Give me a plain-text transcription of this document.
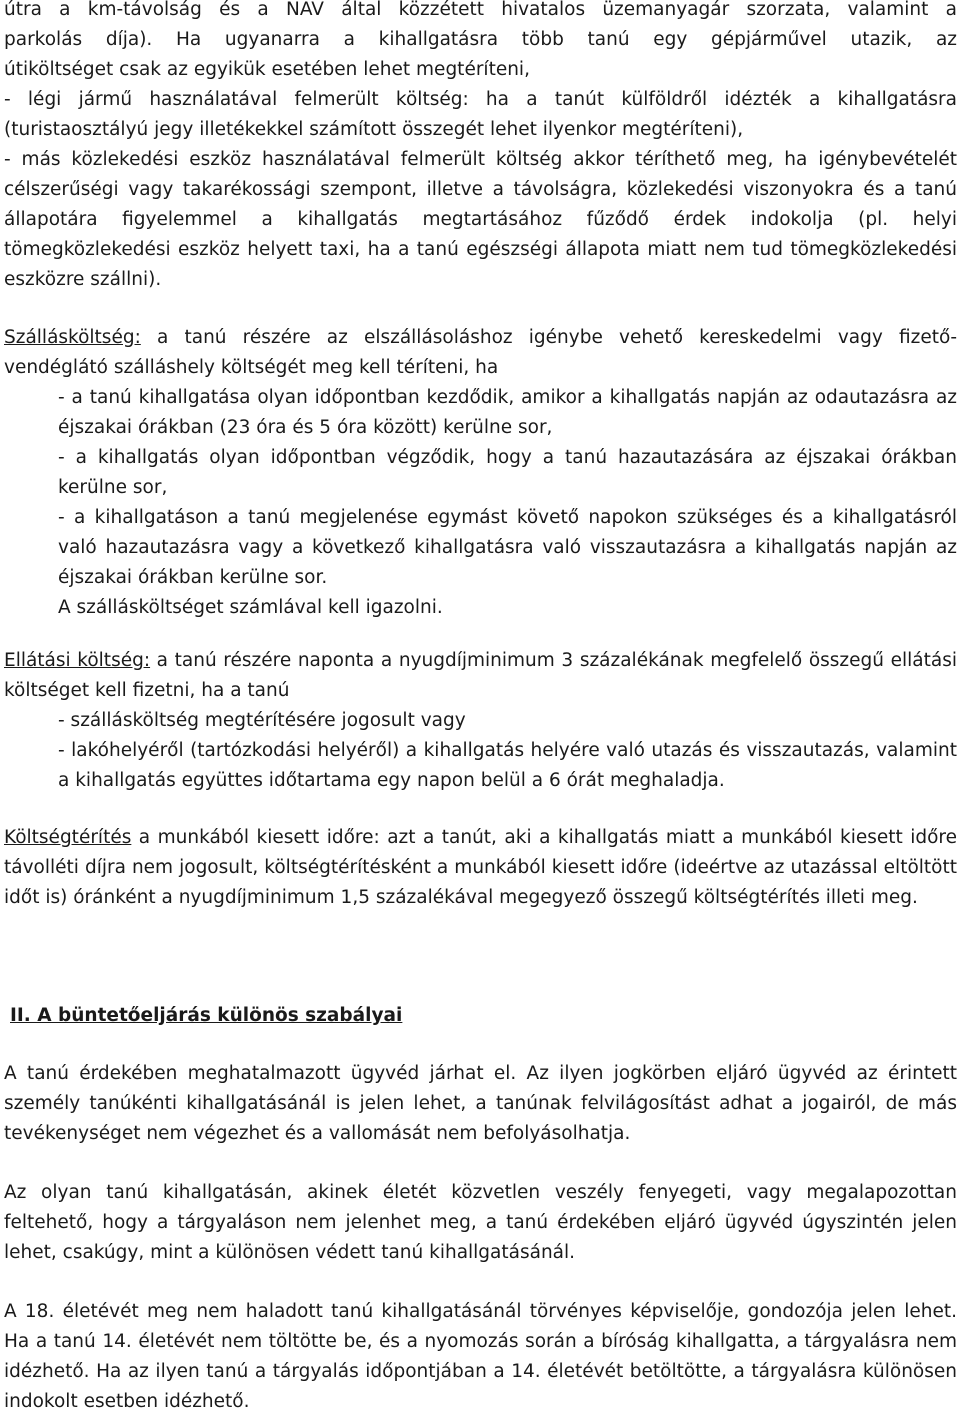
útra a km-távolság és a NAV által közzétett hivatalos üzemanyagár szorzata, valamint a
parkolás díja). Ha ugyanarra a kihallgatásra több tanú egy gépjárművel utazik, az
útiköltséget csak az egyikük esetében lehet megtéríteni,
- légi jármű használatával felmerült költség: ha a tanút külföldről idézték a kihallgatásra
(turistaosztályú jegy illetékekkel számított összegét lehet ilyenkor megtéríteni),
- más közlekedési eszköz használatával felmerült költség akkor téríthető meg, ha igénybevételét célszerűségi vagy takarékossági szempont, illetve a távolságra, közlekedési viszonyokra és a tanú állapotára figyelemmel a kihallgatás megtartásához fűződő érdek indokolja (pl. helyi tömegközlekedési eszköz helyett taxi, ha a tanú egészségi állapota miatt nem tud tömegközlekedési eszközre szállni).
Szállásköltség: a tanú részére az elszállásoláshoz igénybe vehető kereskedelmi vagy fizető-vendéglátó szálláshely költségét meg kell téríteni, ha
- a tanú kihallgatása olyan időpontban kezdődik, amikor a kihallgatás napján az odautazásra az éjszakai órákban (23 óra és 5 óra között) kerülne sor,
- a kihallgatás olyan időpontban végződik, hogy a tanú hazautazására az éjszakai órákban kerülne sor,
- a kihallgatáson a tanú megjelenése egymást követő napokon szükséges és a kihallgatásról való hazautazásra vagy a következő kihallgatásra való visszautazásra a kihallgatás napján az éjszakai órákban kerülne sor.
A szállásköltséget számlával kell igazolni.
Ellátási költség: a tanú részére naponta a nyugdíjminimum 3 százalékának megfelelő összegű ellátási költséget kell fizetni, ha a tanú
- szállásköltség megtérítésére jogosult vagy
- lakóhelyéről (tartózkodási helyéről) a kihallgatás helyére való utazás és visszautazás, valamint a kihallgatás együttes időtartama egy napon belül a 6 órát meghaladja.
Költségtérítés a munkából kiesett időre: azt a tanút, aki a kihallgatás miatt a munkából kiesett időre távolléti díjra nem jogosult, költségtérítésként a munkából kiesett időre (ideértve az utazással eltöltött időt is) óránként a nyugdíjminimum 1,5 százalékával megegyező összegű költségtérítés illeti meg.
II. A büntetőeljárás különös szabályai
A tanú érdekében meghatalmazott ügyvéd járhat el. Az ilyen jogkörben eljáró ügyvéd az érintett személy tanúkénti kihallgatásánál is jelen lehet, a tanúnak felvilágosítást adhat a jogairól, de más tevékenységet nem végezhet és a vallomását nem befolyásolhatja.
Az olyan tanú kihallgatásán, akinek életét közvetlen veszély fenyegeti, vagy megalapozottan feltehető, hogy a tárgyaláson nem jelenhet meg, a tanú érdekében eljáró ügyvéd úgyszintén jelen lehet, csakúgy, mint a különösen védett tanú kihallgatásánál.
A 18. életévét meg nem haladott tanú kihallgatásánál törvényes képviselője, gondozója jelen lehet. Ha a tanú 14. életévét nem töltötte be, és a nyomozás során a bíróság kihallgatta, a tárgyalásra nem idézhető. Ha az ilyen tanú a tárgyalás időpontjában a 14. életévét betöltötte, a tárgyalásra különösen indokolt esetben idézhető.
